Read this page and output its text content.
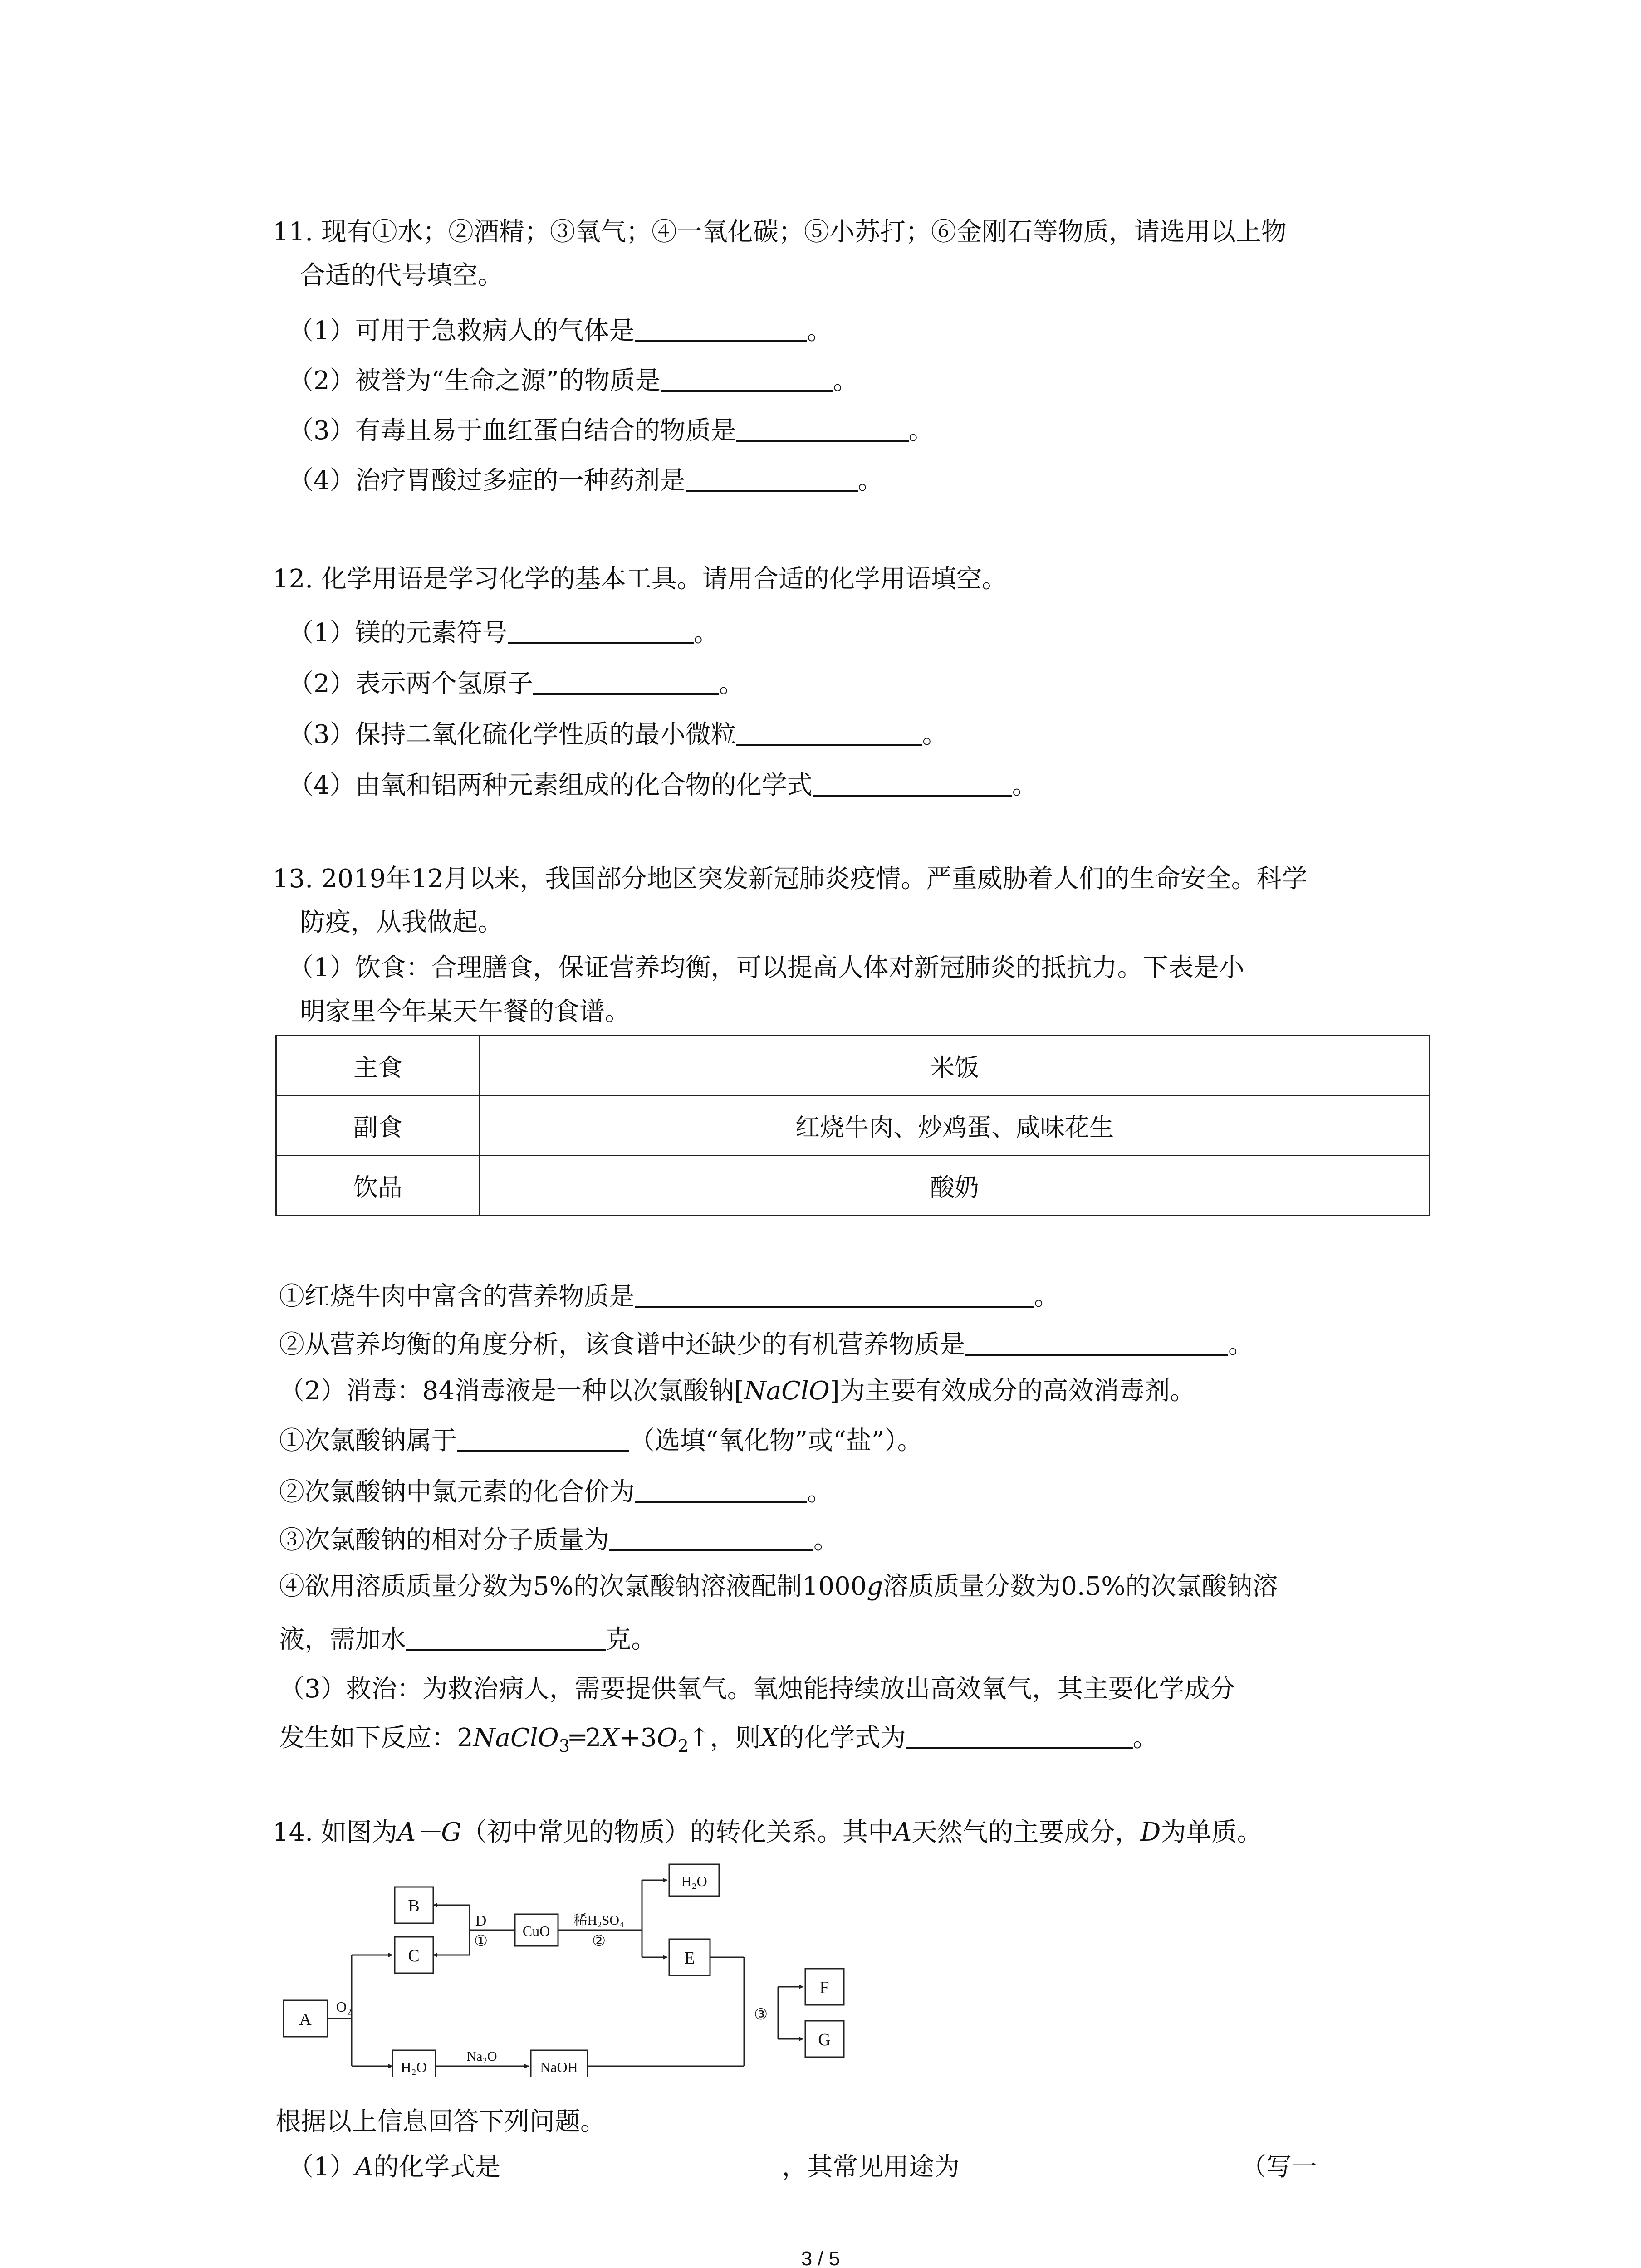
11. 现有①水；②酒精；③氧气；④一氧化碳；⑤小苏打；⑥金刚石等物质，请选用以上物
合适的代号填空。
（1）可用于急救病人的气体是	。
（2）被誉为“生命之源”的物质是	。
（3）有毒且易于血红蛋白结合的物质是	。
（4）治疗胃酸过多症的一种药剂是	。
12. 化学用语是学习化学的基本工具。请用合适的化学用语填空。
（1）镁的元素符号	。
（2）表示两个氢原子	。
（3）保持二氧化硫化学性质的最小微粒	。
（4）由氧和铝两种元素组成的化合物的化学式	。
13. 2019年12月以来，我国部分地区突发新冠肺炎疫情。严重威胁着人们的生命安全。科学
防疫，从我做起。
（1）饮食：合理膳食，保证营养均衡，可以提高人体对新冠肺炎的抵抗力。下表是小
明家里今年某天午餐的食谱。
主食	米饭
副食	红烧牛肉、炒鸡蛋、咸味花生
饮品	酸奶
①红烧牛肉中富含的营养物质是	。
②从营养均衡的角度分析，该食谱中还缺少的有机营养物质是	。
（2）消毒：84消毒液是一种以次氯酸钠[NaClO]为主要有效成分的高效消毒剂。
①次氯酸钠属于	（选填“氧化物”或“盐”）。
②次氯酸钠中氯元素的化合价为	。
③次氯酸钠的相对分子质量为	。
④欲用溶质质量分数为5%的次氯酸钠溶液配制1000g溶质质量分数为0.5%的次氯酸钠溶
液，需加水	克。
（3）救治：为救治病人，需要提供氧气。氧烛能持续放出高效氧气，其主要化学成分
发生如下反应：$2NaClO_3═2X+3O_2↑$，则X的化学式为	。
14. 如图为A－G（初中常见的物质）的转化关系。其中A天然气的主要成分，D为单质。
A
B
C
CuO
H₂O
E
F
G
H₂O	NaOH
O₂
D
①
稀H₂SO₄
②
Na₂O
③
根据以上信息回答下列问题。
（1）A的化学式是	，其常见用途为	（写一
3 / 5
